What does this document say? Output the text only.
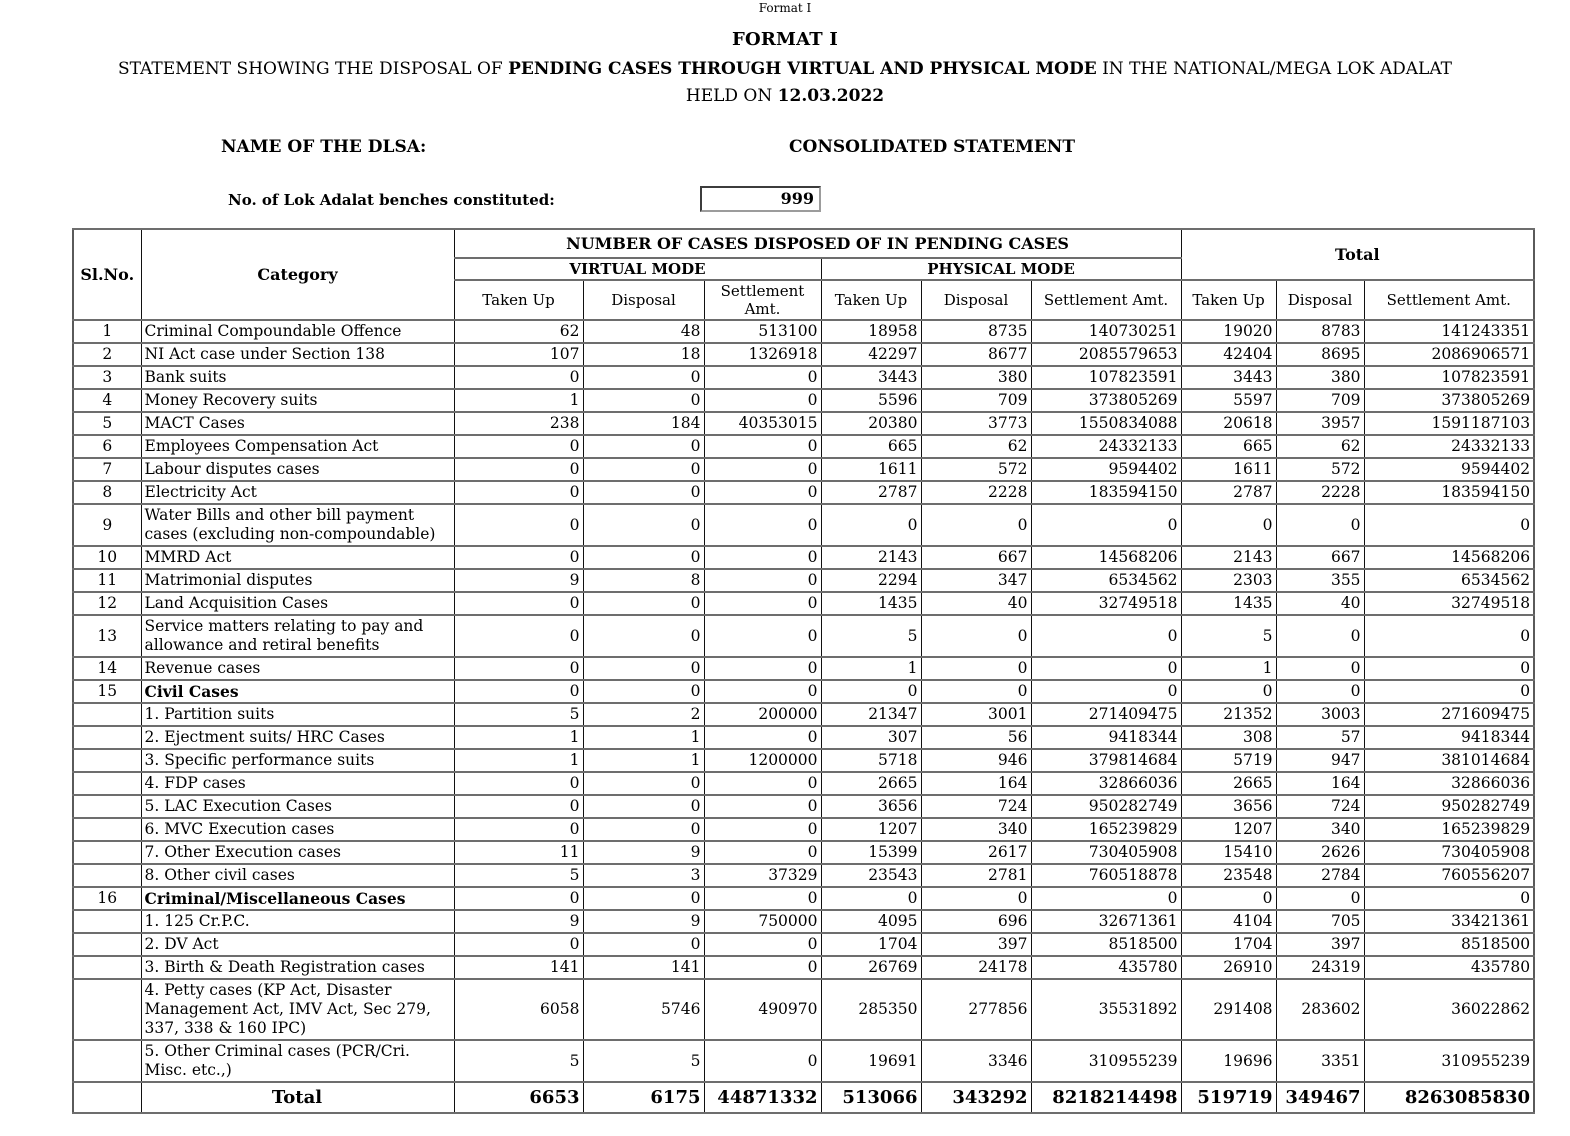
Format I
FORMAT I
STATEMENT SHOWING THE DISPOSAL OF PENDING CASES THROUGH VIRTUAL AND PHYSICAL MODE IN THE NATIONAL/MEGA LOK ADALAT
HELD ON 12.03.2022
NAME OF THE DLSA:	CONSOLIDATED STATEMENT
No. of Lok Adalat benches constituted:	999
Sl.No.	Category	NUMBER OF CASES DISPOSED OF IN PENDING CASES						Total		
		VIRTUAL MODE			PHYSICAL MODE					
		Taken Up	Disposal	Settlement Amt.	Taken Up	Disposal	Settlement Amt.	Taken Up	Disposal	Settlement Amt.
1	Criminal Compoundable Offence	62	48	513100	18958	8735	140730251	19020	8783	141243351
2	NI Act case under Section 138	107	18	1326918	42297	8677	2085579653	42404	8695	2086906571
3	Bank suits	0	0	0	3443	380	107823591	3443	380	107823591
4	Money Recovery suits	1	0	0	5596	709	373805269	5597	709	373805269
5	MACT Cases	238	184	40353015	20380	3773	1550834088	20618	3957	1591187103
6	Employees Compensation Act	0	0	0	665	62	24332133	665	62	24332133
7	Labour disputes cases	0	0	0	1611	572	9594402	1611	572	9594402
8	Electricity Act	0	0	0	2787	2228	183594150	2787	2228	183594150
9	Water Bills and other bill payment cases (excluding non-compoundable)	0	0	0	0	0	0	0	0	0
10	MMRD Act	0	0	0	2143	667	14568206	2143	667	14568206
11	Matrimonial disputes	9	8	0	2294	347	6534562	2303	355	6534562
12	Land Acquisition Cases	0	0	0	1435	40	32749518	1435	40	32749518
13	Service matters relating to pay and allowance and retiral benefits	0	0	0	5	0	0	5	0	0
14	Revenue cases	0	0	0	1	0	0	1	0	0
15	Civil Cases	0	0	0	0	0	0	0	0	0
	1. Partition suits	5	2	200000	21347	3001	271409475	21352	3003	271609475
	2. Ejectment suits/ HRC Cases	1	1	0	307	56	9418344	308	57	9418344
	3. Specific performance suits	1	1	1200000	5718	946	379814684	5719	947	381014684
	4. FDP cases	0	0	0	2665	164	32866036	2665	164	32866036
	5. LAC Execution Cases	0	0	0	3656	724	950282749	3656	724	950282749
	6. MVC Execution cases	0	0	0	1207	340	165239829	1207	340	165239829
	7. Other Execution cases	11	9	0	15399	2617	730405908	15410	2626	730405908
	8. Other civil cases	5	3	37329	23543	2781	760518878	23548	2784	760556207
16	Criminal/Miscellaneous Cases	0	0	0	0	0	0	0	0	0
	1. 125 Cr.P.C.	9	9	750000	4095	696	32671361	4104	705	33421361
	2. DV Act	0	0	0	1704	397	8518500	1704	397	8518500
	3. Birth & Death Registration cases	141	141	0	26769	24178	435780	26910	24319	435780
	4. Petty cases (KP Act, Disaster Management Act, IMV Act, Sec 279, 337, 338 & 160 IPC)	6058	5746	490970	285350	277856	35531892	291408	283602	36022862
	5. Other Criminal cases (PCR/Cri. Misc. etc.,)	5	5	0	19691	3346	310955239	19696	3351	310955239
	Total	6653	6175	44871332	513066	343292	8218214498	519719	349467	8263085830
